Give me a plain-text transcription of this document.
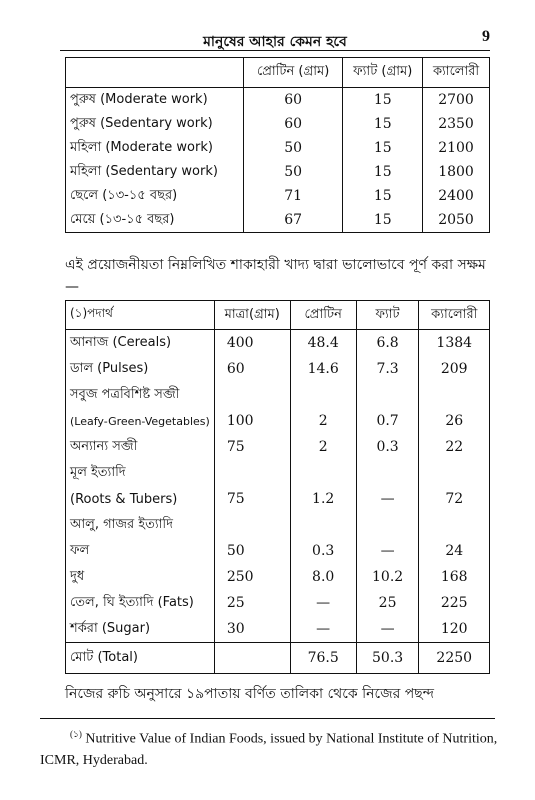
মানুষের আহার কেমন হবে	9
	প্রোটিন (গ্রাম)	ফ্যাট (গ্রাম)	ক্যালোরী
পুরুষ (Moderate work)	60	15	2700
পুরুষ (Sedentary work)	60	15	2350
মহিলা (Moderate work)	50	15	2100
মহিলা (Sedentary work)	50	15	1800
ছেলে (১৩-১৫ বছর)	71	15	2400
মেয়ে (১৩-১৫ বছর)	67	15	2050
এই প্রয়োজনীয়তা নিম্নলিখিত শাকাহারী খাদ্য দ্বারা ভালোভাবে পূর্ণ করা সক্ষম—
(১)পদার্থ	মাত্রা(গ্রাম)	প্রোটিন	ফ্যাট	ক্যালোরী
আনাজ (Cereals)	400	48.4	6.8	1384
ডাল (Pulses)	60	14.6	7.3	209
সবুজ পত্রবিশিষ্ট সব্জী				
(Leafy-Green-Vegetables)	100	2	0.7	26
অন্যান্য সব্জী	75	2	0.3	22
মূল ইত্যাদি				
(Roots & Tubers)	75	1.2	—	72
আলু, গাজর ইত্যাদি				
ফল	50	0.3	—	24
দুধ	250	8.0	10.2	168
তেল, ঘি ইত্যাদি (Fats)	25	—	25	225
শর্করা (Sugar)	30	—	—	120
মোট (Total)		76.5	50.3	2250
নিজের রুচি অনুসারে ১৯পাতায় বর্ণিত তালিকা থেকে নিজের পছন্দ
$^{(১)}$ Nutritive Value of Indian Foods, issued by National Institute of Nutrition, ICMR, Hyderabad.
